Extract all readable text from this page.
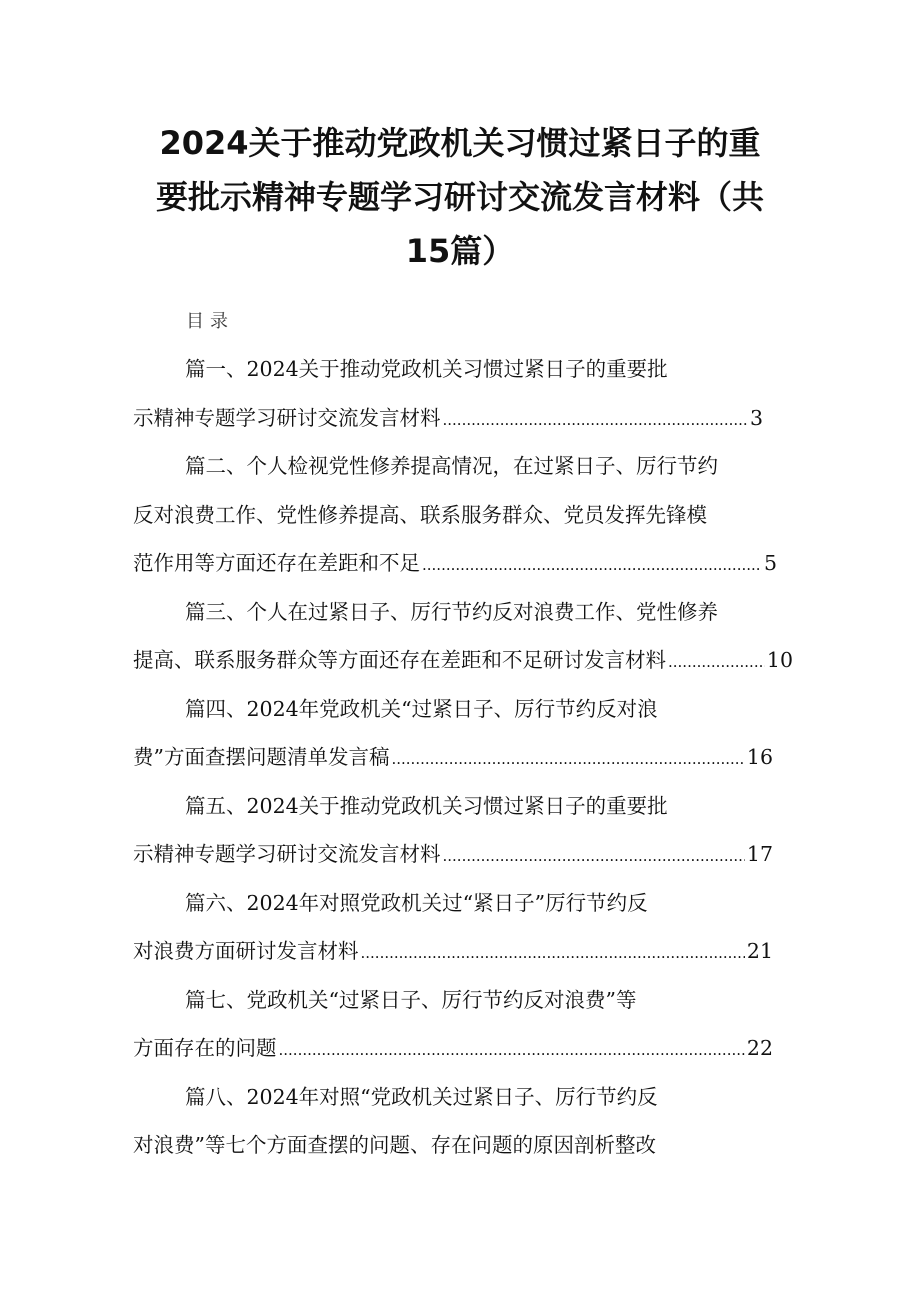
2024关于推动党政机关习惯过紧日子的重
要批示精神专题学习研讨交流发言材料（共
15篇）
目录
篇一、2024关于推动党政机关习惯过紧日子的重要批
示精神专题学习研讨交流发言材料 .....	3
篇二、个人检视党性修养提高情况，在过紧日子、厉行节约
反对浪费工作、党性修养提高、联系服务群众、党员发挥先锋模
范作用等方面还存在差距和不足 .....	5
篇三、个人在过紧日子、厉行节约反对浪费工作、党性修养
提高、联系服务群众等方面还存在差距和不足研讨发言材料 .....	10
篇四、2024年党政机关“过紧日子、厉行节约反对浪
费”方面查摆问题清单发言稿 .....	16
篇五、2024关于推动党政机关习惯过紧日子的重要批
示精神专题学习研讨交流发言材料 .....	17
篇六、2024年对照党政机关过“紧日子”厉行节约反
对浪费方面研讨发言材料 .....	21
篇七、党政机关“过紧日子、厉行节约反对浪费”等
方面存在的问题 .....	22
篇八、2024年对照“党政机关过紧日子、厉行节约反
对浪费”等七个方面查摆的问题、存在问题的原因剖析整改
